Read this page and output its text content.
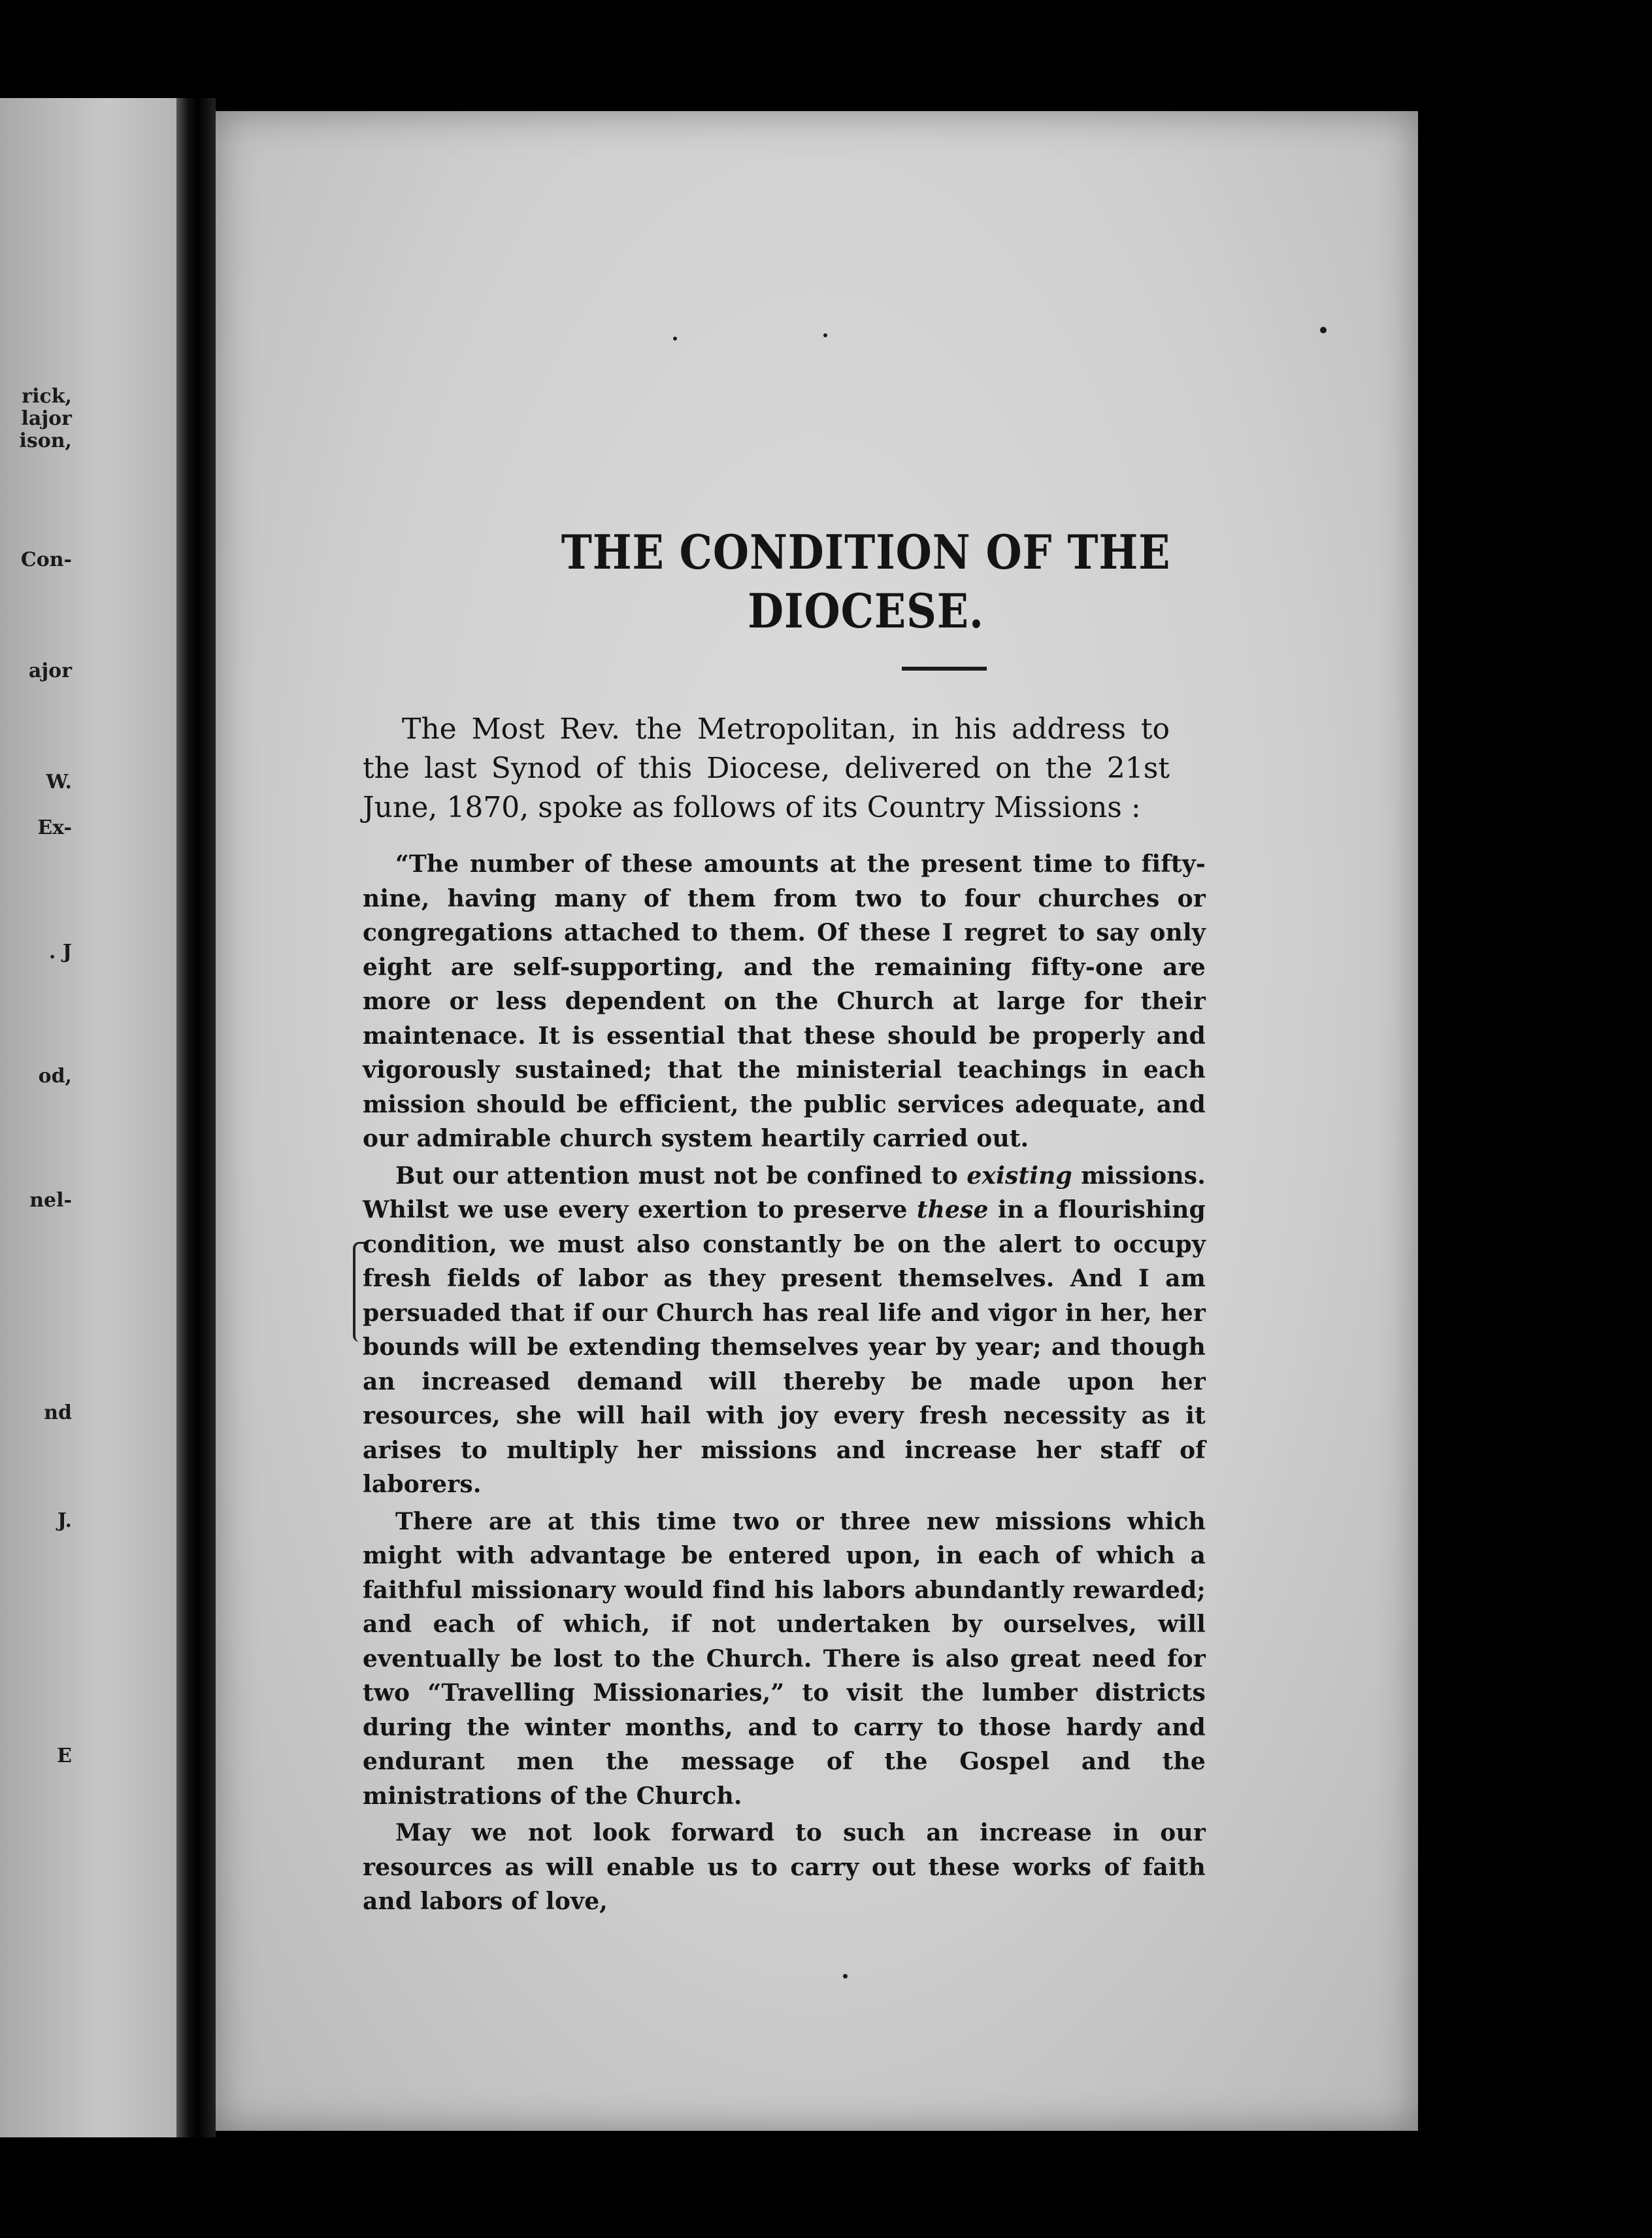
rick,
lajor
ison,
Con-
ajor
W.
Ex-
. J
od,
nel-
nd
J.
E
THE CONDITION OF THE DIOCESE.

The Most Rev. the Metropolitan, in his address to the last Synod of this Diocese, delivered on the 21st June, 1870, spoke as follows of its Country Missions :

“The number of these amounts at the present time to fifty-nine, having many of them from two to four churches or congregations attached to them. Of these I regret to say only eight are self-supporting, and the remaining fifty-one are more or less dependent on the Church at large for their maintenace. It is essential that these should be properly and vigorously sustained; that the ministerial teachings in each mission should be efficient, the public services adequate, and our admirable church system heartily carried out.

But our attention must not be confined to existing missions. Whilst we use every exertion to preserve these in a flourishing condition, we must also constantly be on the alert to occupy fresh fields of labor as they present themselves. And I am persuaded that if our Church has real life and vigor in her, her bounds will be extending themselves year by year; and though an increased demand will thereby be made upon her resources, she will hail with joy every fresh necessity as it arises to multiply her missions and increase her staff of laborers.

There are at this time two or three new missions which might with advantage be entered upon, in each of which a faithful missionary would find his labors abundantly rewarded; and each of which, if not undertaken by ourselves, will eventually be lost to the Church. There is also great need for two “Travelling Missionaries,” to visit the lumber districts during the winter months, and to carry to those hardy and endurant men the message of the Gospel and the ministrations of the Church.

May we not look forward to such an increase in our resources as will enable us to carry out these works of faith and labors of love,
